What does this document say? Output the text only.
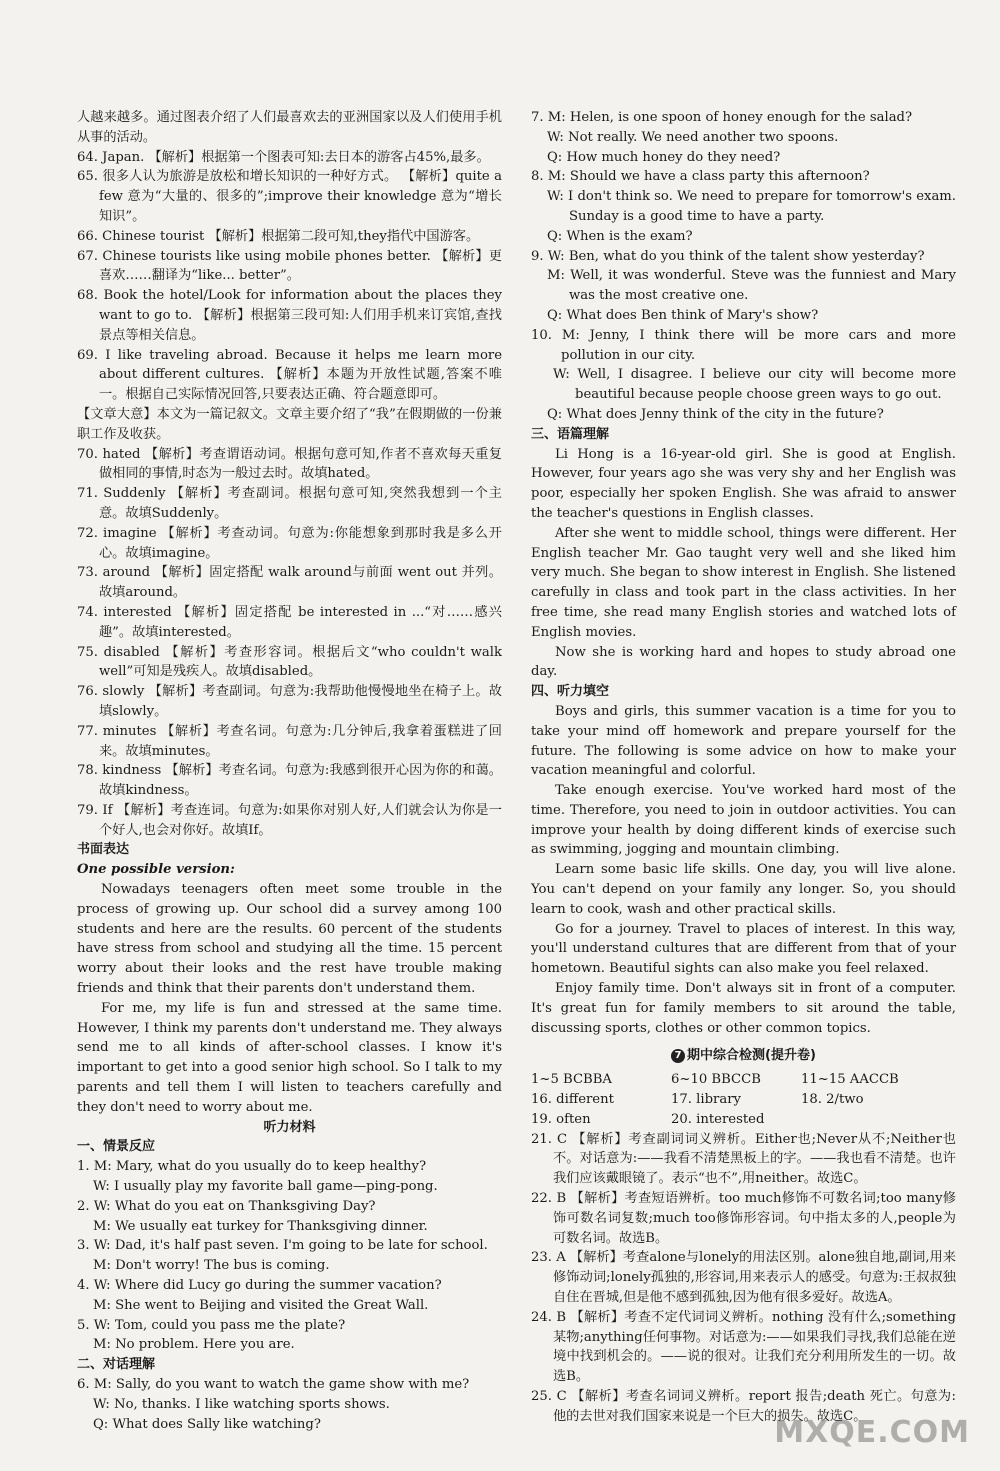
人越来越多。通过图表介绍了人们最喜欢去的亚洲国家以及人们使用手机从事的活动。

64. Japan. 【解析】根据第一个图表可知:去日本的游客占45%,最多。

65. 很多人认为旅游是放松和增长知识的一种好方式。 【解析】quite a few 意为“大量的、很多的”;improve their knowledge 意为“增长知识”。

66. Chinese tourist 【解析】根据第二段可知,they指代中国游客。

67. Chinese tourists like using mobile phones better. 【解析】更喜欢……翻译为“like... better”。

68. Book the hotel/Look for information about the places they want to go to. 【解析】根据第三段可知:人们用手机来订宾馆,查找景点等相关信息。

69. I like traveling abroad. Because it helps me learn more about different cultures. 【解析】本题为开放性试题,答案不唯一。根据自己实际情况回答,只要表达正确、符合题意即可。

【文章大意】本文为一篇记叙文。文章主要介绍了“我”在假期做的一份兼职工作及收获。

70. hated 【解析】考查谓语动词。根据句意可知,作者不喜欢每天重复做相同的事情,时态为一般过去时。故填hated。

71. Suddenly 【解析】考查副词。根据句意可知,突然我想到一个主意。故填Suddenly。

72. imagine 【解析】考查动词。句意为:你能想象到那时我是多么开心。故填imagine。

73. around 【解析】固定搭配 walk around与前面 went out 并列。故填around。

74. interested 【解析】固定搭配 be interested in ...“对……感兴趣”。故填interested。

75. disabled 【解析】考查形容词。根据后文“who couldn't walk well”可知是残疾人。故填disabled。

76. slowly 【解析】考查副词。句意为:我帮助他慢慢地坐在椅子上。故填slowly。

77. minutes 【解析】考查名词。句意为:几分钟后,我拿着蛋糕进了回来。故填minutes。

78. kindness 【解析】考查名词。句意为:我感到很开心因为你的和蔼。故填kindness。

79. If 【解析】考查连词。句意为:如果你对别人好,人们就会认为你是一个好人,也会对你好。故填If。

书面表达

One possible version:

Nowadays teenagers often meet some trouble in the process of growing up. Our school did a survey among 100 students and here are the results. 60 percent of the students have stress from school and studying all the time. 15 percent worry about their looks and the rest have trouble making friends and think that their parents don't understand them.

For me, my life is fun and stressed at the same time. However, I think my parents don't understand me. They always send me to all kinds of after-school classes. I know it's important to get into a good senior high school. So I talk to my parents and tell them I will listen to teachers carefully and they don't need to worry about me.

听力材料

一、情景反应

1. M: Mary, what do you usually do to keep healthy?

W: I usually play my favorite ball game—ping-pong.

2. W: What do you eat on Thanksgiving Day?

M: We usually eat turkey for Thanksgiving dinner.

3. W: Dad, it's half past seven. I'm going to be late for school.

M: Don't worry! The bus is coming.

4. W: Where did Lucy go during the summer vacation?

M: She went to Beijing and visited the Great Wall.

5. W: Tom, could you pass me the plate?

M: No problem. Here you are.

二、对话理解

6. M: Sally, do you want to watch the game show with me?

W: No, thanks. I like watching sports shows.

Q: What does Sally like watching?

7. M: Helen, is one spoon of honey enough for the salad?

W: Not really. We need another two spoons.

Q: How much honey do they need?

8. M: Should we have a class party this afternoon?

W: I don't think so. We need to prepare for tomorrow's exam. Sunday is a good time to have a party.

Q: When is the exam?

9. W: Ben, what do you think of the talent show yesterday?

M: Well, it was wonderful. Steve was the funniest and Mary was the most creative one.

Q: What does Ben think of Mary's show?

10. M: Jenny, I think there will be more cars and more pollution in our city.

W: Well, I disagree. I believe our city will become more beautiful because people choose green ways to go out.

Q: What does Jenny think of the city in the future?

三、语篇理解

Li Hong is a 16-year-old girl. She is good at English. However, four years ago she was very shy and her English was poor, especially her spoken English. She was afraid to answer the teacher's questions in English classes.

After she went to middle school, things were different. Her English teacher Mr. Gao taught very well and she liked him very much. She began to show interest in English. She listened carefully in class and took part in the class activities. In her free time, she read many English stories and watched lots of English movies.

Now she is working hard and hopes to study abroad one day.

四、听力填空

Boys and girls, this summer vacation is a time for you to take your mind off homework and prepare yourself for the future. The following is some advice on how to make your vacation meaningful and colorful.

Take enough exercise. You've worked hard most of the time. Therefore, you need to join in outdoor activities. You can improve your health by doing different kinds of exercise such as swimming, jogging and mountain climbing.

Learn some basic life skills. One day, you will live alone. You can't depend on your family any longer. So, you should learn to cook, wash and other practical skills.

Go for a journey. Travel to places of interest. In this way, you'll understand cultures that are different from that of your hometown. Beautiful sights can also make you feel relaxed.

Enjoy family time. Don't always sit in front of a computer. It's great fun for family members to sit around the table, discussing sports, clothes or other common topics.

7 期中综合检测(提升卷)

1~5 BCBBA	6~10 BBCCB	11~15 AACCB
16. different	17. library	18. 2/two
19. often	20. interested

21. C 【解析】考查副词词义辨析。Either也;Never从不;Neither也不。对话意为:——我看不清楚黑板上的字。——我也看不清楚。也许我们应该戴眼镜了。表示“也不”,用neither。故选C。

22. B 【解析】考查短语辨析。too much修饰不可数名词;too many修饰可数名词复数;much too修饰形容词。句中指太多的人,people为可数名词。故选B。

23. A 【解析】考查alone与lonely的用法区别。alone独自地,副词,用来修饰动词;lonely孤独的,形容词,用来表示人的感受。句意为:王叔叔独自住在晋城,但是他不感到孤独,因为他有很多爱好。故选A。

24. B 【解析】考查不定代词词义辨析。nothing 没有什么;something 某物;anything任何事物。对话意为:——如果我们寻找,我们总能在逆境中找到机会的。——说的很对。让我们充分利用所发生的一切。故选B。

25. C 【解析】考查名词词义辨析。report 报告;death 死亡。句意为:他的去世对我们国家来说是一个巨大的损失。故选C。

MXQE.COM
